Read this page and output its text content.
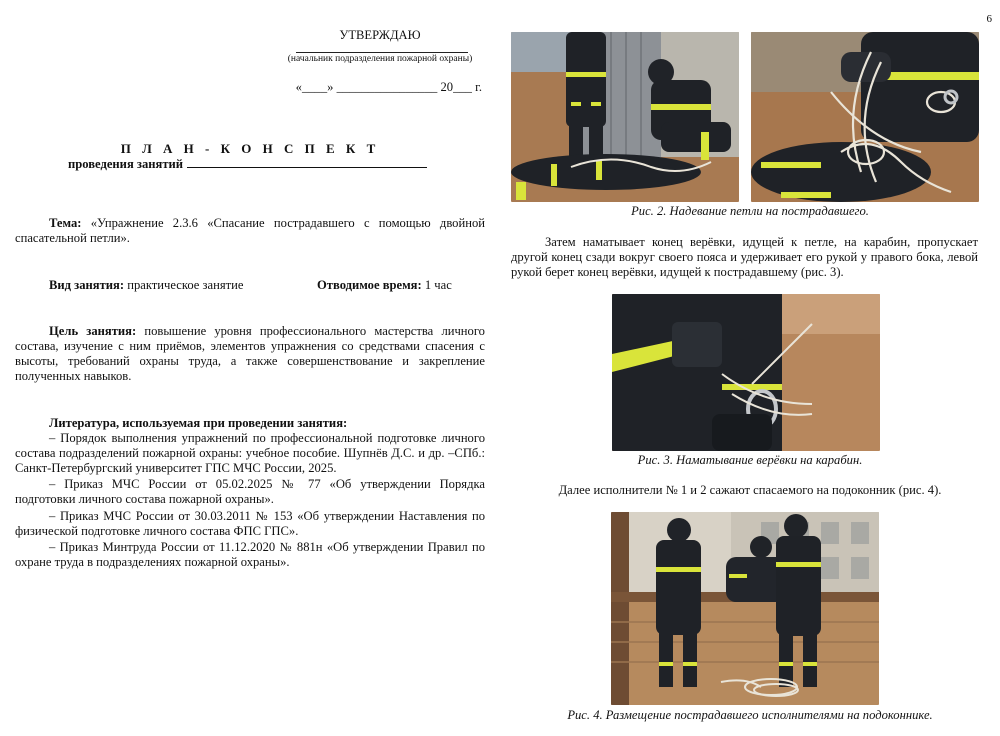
УТВЕРЖДАЮ
(начальник подразделения пожарной охраны)
«____» ________________ 20___ г.
П Л А Н - К О Н С П Е К Т
проведения занятий

Тема: «Упражнение 2.3.6 «Спасание пострадавшего с помощью двойной спасательной петли».

Вид занятия: практическое занятие	Отводимое время: 1 час

Цель занятия: повышение уровня профессионального мастерства личного состава, изучение с ним приёмов, элементов упражнения со средствами спасения с высоты, требований охраны труда, а также совершенствование и закрепление полученных навыков.

Литература, используемая при проведении занятия:

– Порядок выполнения упражнений по профессиональной подготовке личного состава подразделений пожарной охраны: учебное пособие. Шупнёв Д.С. и др. –СПб.: Санкт-Петербургский университет ГПС МЧС России, 2025.

– Приказ МЧС России от 05.02.2025 № 77 «Об утверждении Порядка подготовки личного состава пожарной охраны».

– Приказ МЧС России от 30.03.2011 № 153 «Об утверждении Наставления по физической подготовке личного состава ФПС ГПС».

– Приказ Минтруда России от 11.12.2020 № 881н «Об утверждении Правил по охране труда в подразделениях пожарной охраны».

6
Рис. 2. Надевание петли на пострадавшего.

Затем наматывает конец верёвки, идущей к петле, на карабин, пропускает другой конец сзади вокруг своего пояса и удерживает его рукой у правого бока, левой рукой берет конец верёвки, идущей к пострадавшему (рис. 3).

Рис. 3. Наматывание верёвки на карабин.

Далее исполнители № 1 и 2 сажают спасаемого на подоконник (рис. 4).

Рис. 4. Размещение пострадавшего исполнителями на подоконнике.
